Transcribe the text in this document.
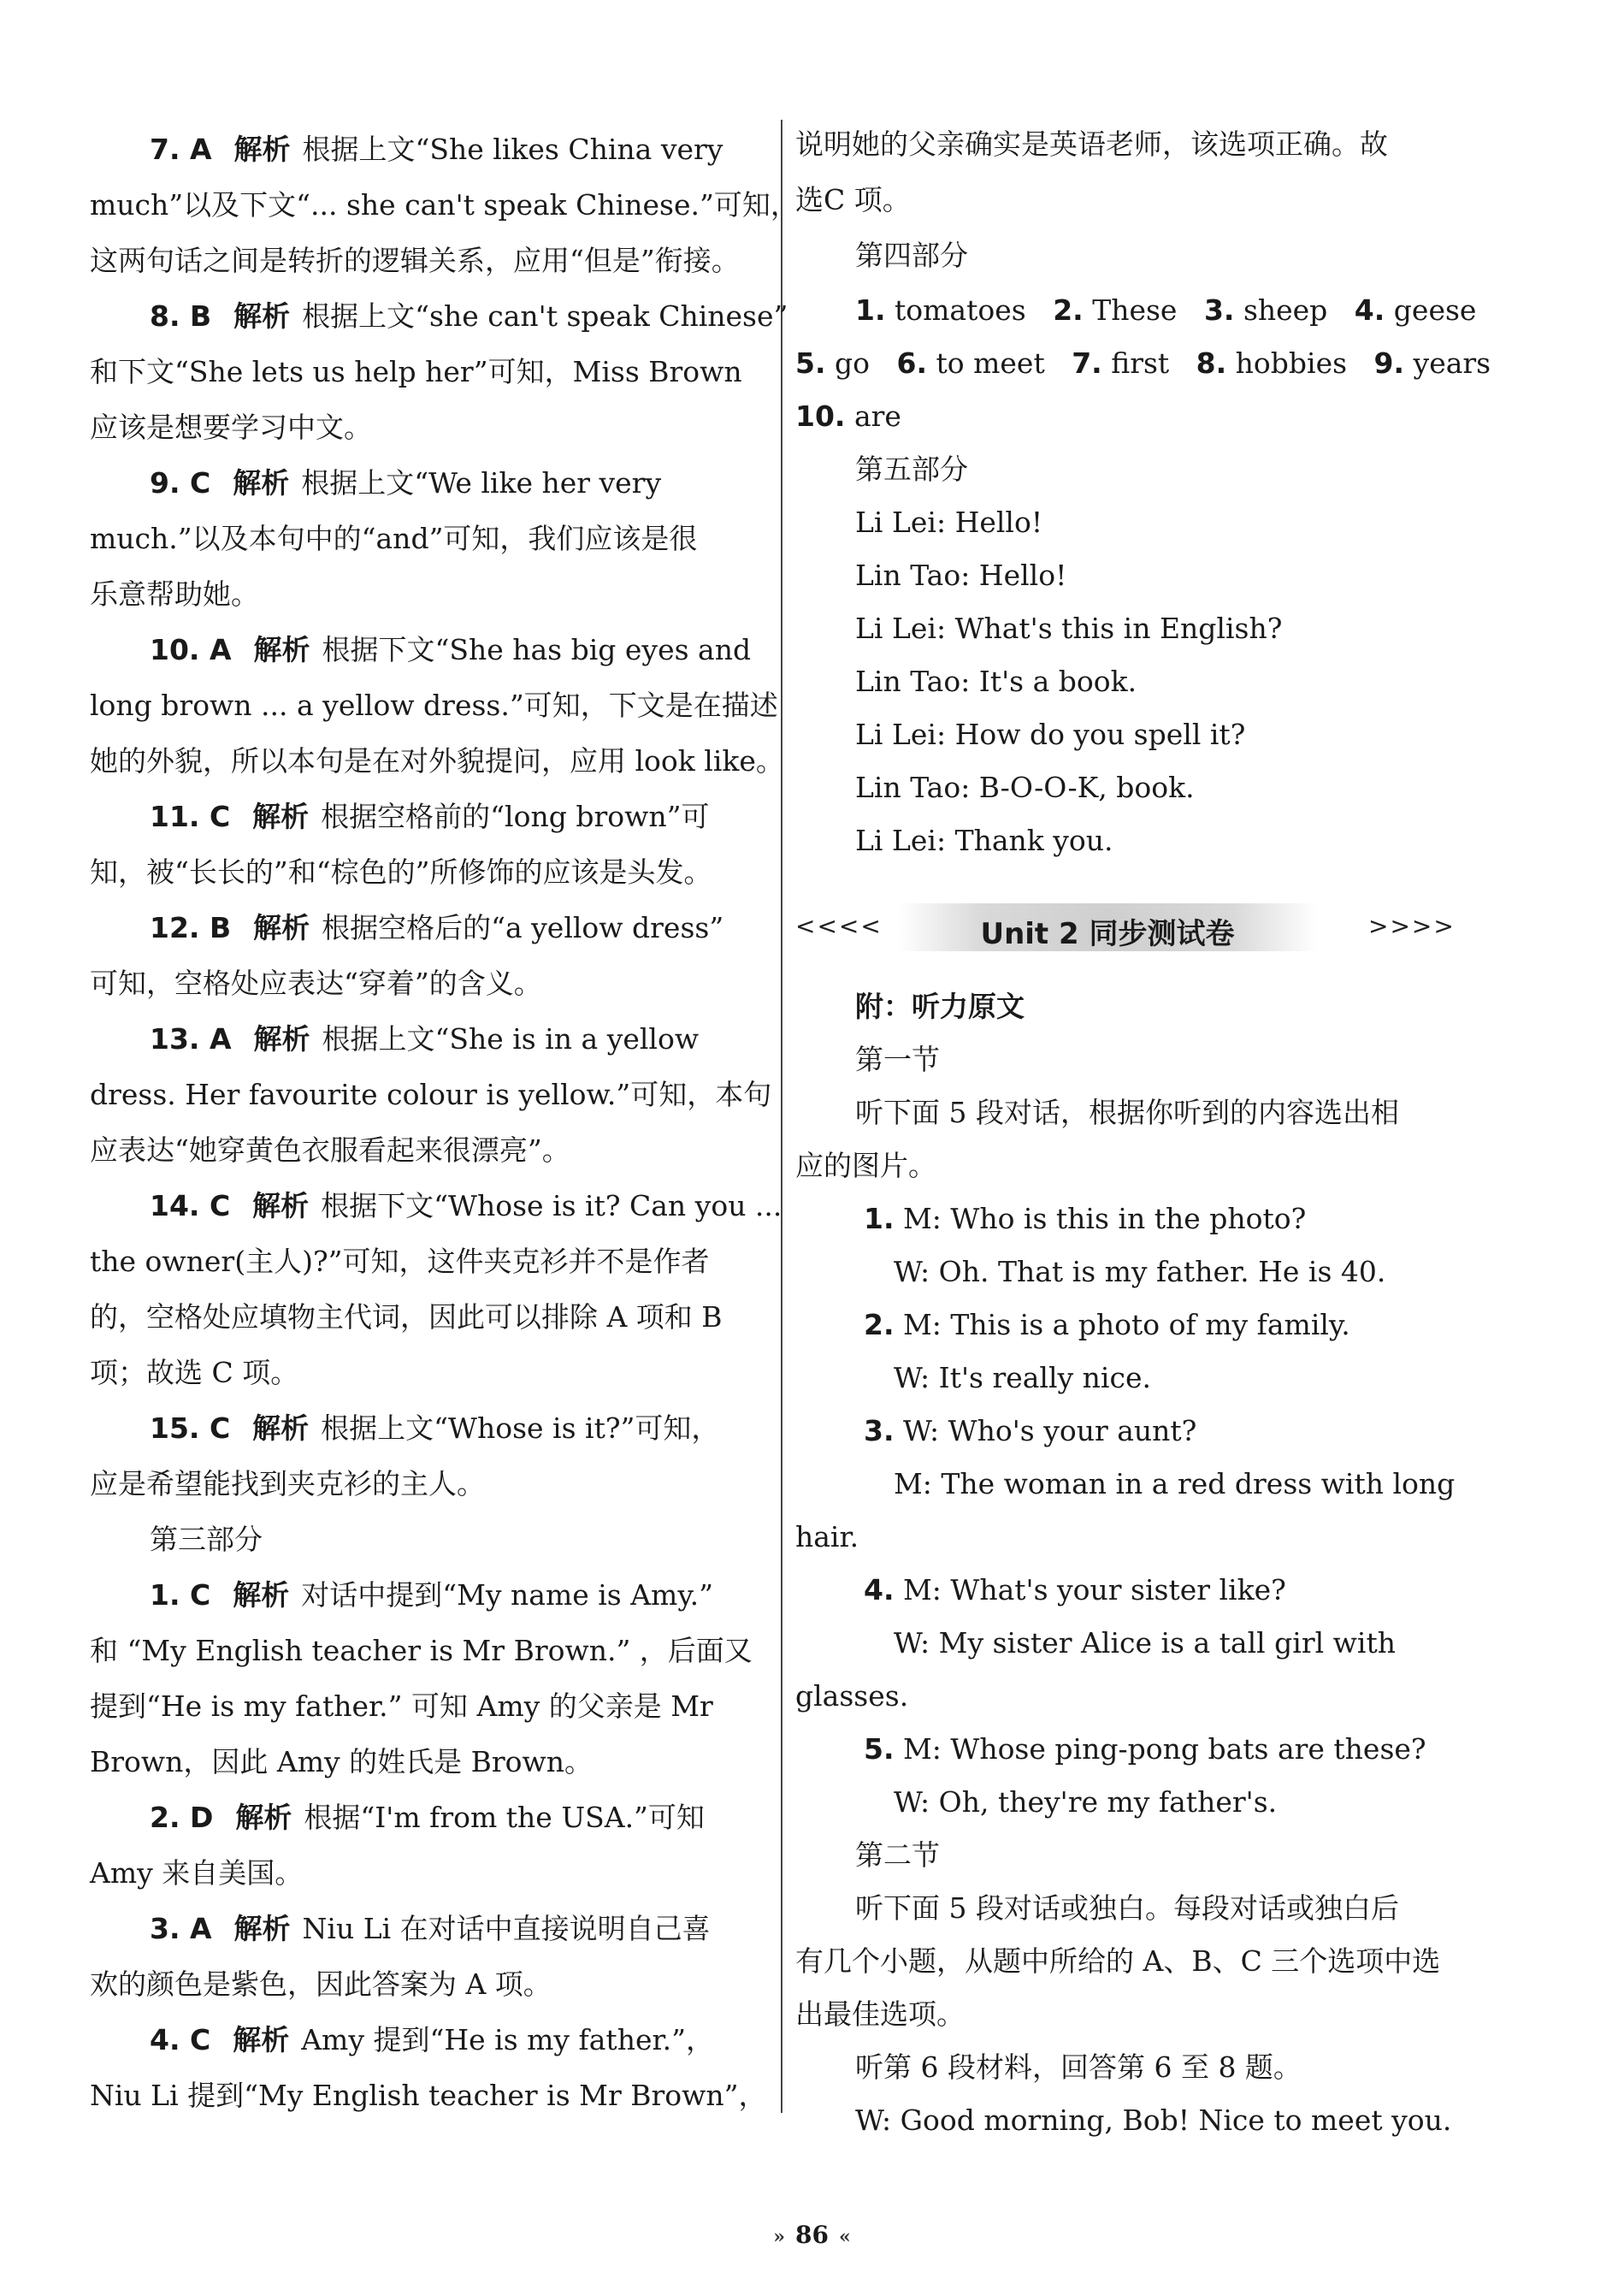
7. A 解析 根据上文“She likes China very
much”以及下文“... she can't speak Chinese.”可知，
这两句话之间是转折的逻辑关系，应用“但是”衔接。
8. B 解析 根据上文“she can't speak Chinese”
和下文“She lets us help her”可知，Miss Brown
应该是想要学习中文。
9. C 解析 根据上文“We like her very
much.”以及本句中的“and”可知，我们应该是很
乐意帮助她。
10. A 解析 根据下文“She has big eyes and
long brown ... a yellow dress.”可知，下文是在描述
她的外貌，所以本句是在对外貌提问，应用 look like。
11. C 解析 根据空格前的“long brown”可
知，被“长长的”和“棕色的”所修饰的应该是头发。
12. B 解析 根据空格后的“a yellow dress”
可知，空格处应表达“穿着”的含义。
13. A 解析 根据上文“She is in a yellow
dress. Her favourite colour is yellow.”可知，本句
应表达“她穿黄色衣服看起来很漂亮”。
14. C 解析 根据下文“Whose is it? Can you ...
the owner(主人)?”可知，这件夹克衫并不是作者
的，空格处应填物主代词，因此可以排除 A 项和 B
项；故选 C 项。
15. C 解析 根据上文“Whose is it?”可知，
应是希望能找到夹克衫的主人。
第三部分
1. C 解析 对话中提到“My name is Amy.”
和 “My English teacher is Mr Brown.” ，后面又
提到“He is my father.” 可知 Amy 的父亲是 Mr
Brown，因此 Amy 的姓氏是 Brown。
2. D 解析 根据“I'm from the USA.”可知
Amy 来自美国。
3. A 解析 Niu Li 在对话中直接说明自己喜
欢的颜色是紫色，因此答案为 A 项。
4. C 解析 Amy 提到“He is my father.”，
Niu Li 提到“My English teacher is Mr Brown”，
说明她的父亲确实是英语老师，该选项正确。故
选C 项。
第四部分
1. tomatoes 2. These 3. sheep 4. geese
5. go 6. to meet 7. first 8. hobbies 9. years
10. are
第五部分
Li Lei: Hello!
Lin Tao: Hello!
Li Lei: What's this in English?
Lin Tao: It's a book.
Li Lei: How do you spell it?
Lin Tao: B-O-O-K, book.
Li Lei: Thank you.
<<<<	Unit 2 同步测试卷	>>>>
附：听力原文
第一节
听下面 5 段对话，根据你听到的内容选出相
应的图片。
1. M: Who is this in the photo?
W: Oh. That is my father. He is 40.
2. M: This is a photo of my family.
W: It's really nice.
3. W: Who's your aunt?
M: The woman in a red dress with long
hair.
4. M: What's your sister like?
W: My sister Alice is a tall girl with
glasses.
5. M: Whose ping-pong bats are these?
W: Oh, they're my father's.
第二节
听下面 5 段对话或独白。每段对话或独白后
有几个小题，从题中所给的 A、B、C 三个选项中选
出最佳选项。
听第 6 段材料，回答第 6 至 8 题。
W: Good morning, Bob! Nice to meet you.
» 86 «
